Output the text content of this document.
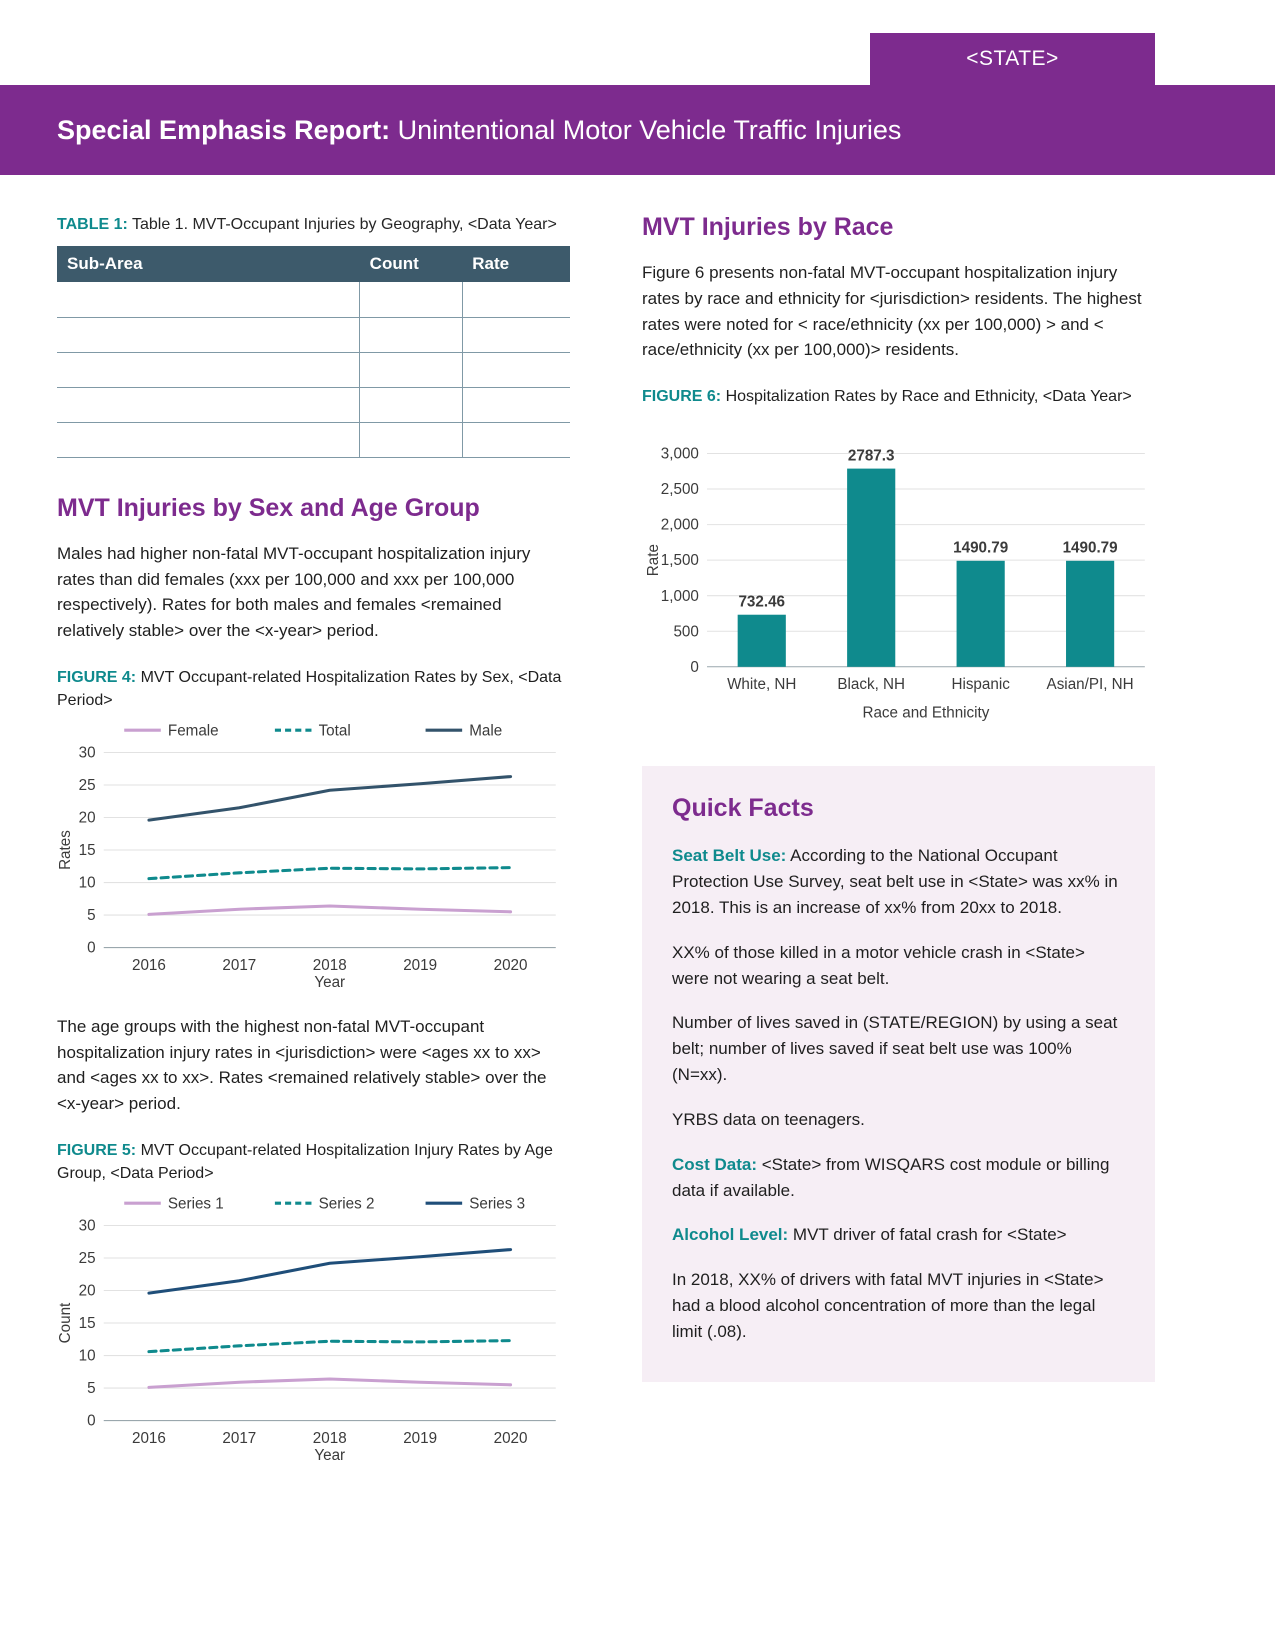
<STATE>
Special Emphasis Report: Unintentional Motor Vehicle Traffic Injuries

TABLE 1: Table 1. MVT-Occupant Injuries by Geography, <Data Year>

Sub-Area	Count	Rate

MVT Injuries by Sex and Age Group

Males had higher non-fatal MVT-occupant hospitalization injury rates than did females (xxx per 100,000 and xxx per 100,000 respectively). Rates for both males and females <remained relatively stable> over the <x-year> period.

FIGURE 4: MVT Occupant-related Hospitalization Rates by Sex, <Data Period>

0
5
10
15
20
25
30
2016	2017	2018	2019	2020
Female	Total	Male
Year
Rates

The age groups with the highest non-fatal MVT-occupant hospitalization injury rates in <jurisdiction> were <ages xx to xx> and <ages xx to xx>. Rates <remained relatively stable> over the <x-year> period.

FIGURE 5: MVT Occupant-related Hospitalization Injury Rates by Age Group, <Data Period>

0
5
10
15
20
25
30
2016	2017	2018	2019	2020
Series 1	Series 2	Series 3
Year
Count
MVT Injuries by Race

Figure 6 presents non-fatal MVT-occupant hospitalization injury rates by race and ethnicity for <jurisdiction> residents. The highest rates were noted for < race/ethnicity (xx per 100,000) > and < race/ethnicity (xx per 100,000)> residents.

FIGURE 6: Hospitalization Rates by Race and Ethnicity, <Data Year>

0
500
1,000
1,500
2,000
2,500
3,000
732.46
White, NH
2787.3
Black, NH
1490.79
Hispanic
1490.79
Asian/PI, NH
Race and Ethnicity
Rate
Quick Facts

Seat Belt Use: According to the National Occupant Protection Use Survey, seat belt use in <State> was xx% in 2018. This is an increase of xx% from 20xx to 2018.

XX% of those killed in a motor vehicle crash in <State> were not wearing a seat belt.

Number of lives saved in (STATE/REGION) by using a seat belt; number of lives saved if seat belt use was 100% (N=xx).

YRBS data on teenagers.

Cost Data: <State> from WISQARS cost module or billing data if available.

Alcohol Level: MVT driver of fatal crash for <State>

In 2018, XX% of drivers with fatal MVT injuries in <State> had a blood alcohol concentration of more than the legal limit (.08).
